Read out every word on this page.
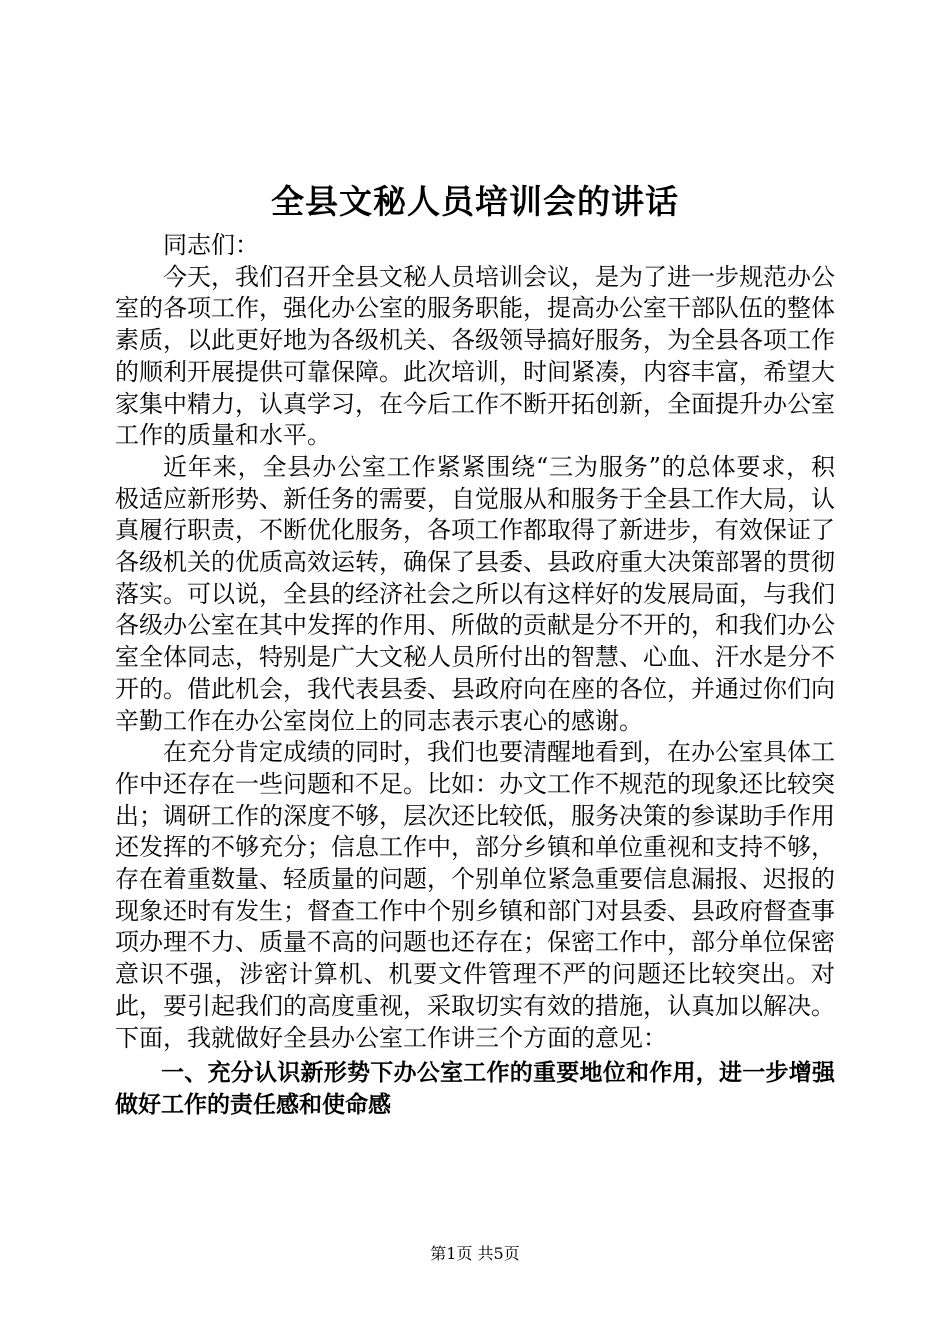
全县文秘人员培训会的讲话

同志们：

今天，我们召开全县文秘人员培训会议，是为了进一步规范办公室的各项工作，强化办公室的服务职能，提高办公室干部队伍的整体素质，以此更好地为各级机关、各级领导搞好服务，为全县各项工作的顺利开展提供可靠保障。此次培训，时间紧凑，内容丰富，希望大家集中精力，认真学习，在今后工作不断开拓创新，全面提升办公室工作的质量和水平。

近年来，全县办公室工作紧紧围绕“三为服务”的总体要求，积极适应新形势、新任务的需要，自觉服从和服务于全县工作大局，认真履行职责，不断优化服务，各项工作都取得了新进步，有效保证了各级机关的优质高效运转，确保了县委、县政府重大决策部署的贯彻落实。可以说，全县的经济社会之所以有这样好的发展局面，与我们各级办公室在其中发挥的作用、所做的贡献是分不开的，和我们办公室全体同志，特别是广大文秘人员所付出的智慧、心血、汗水是分不开的。借此机会，我代表县委、县政府向在座的各位，并通过你们向辛勤工作在办公室岗位上的同志表示衷心的感谢。

在充分肯定成绩的同时，我们也要清醒地看到，在办公室具体工作中还存在一些问题和不足。比如：办文工作不规范的现象还比较突出；调研工作的深度不够，层次还比较低，服务决策的参谋助手作用还发挥的不够充分；信息工作中，部分乡镇和单位重视和支持不够，存在着重数量、轻质量的问题，个别单位紧急重要信息漏报、迟报的现象还时有发生；督查工作中个别乡镇和部门对县委、县政府督查事项办理不力、质量不高的问题也还存在；保密工作中，部分单位保密意识不强，涉密计算机、机要文件管理不严的问题还比较突出。对此，要引起我们的高度重视，采取切实有效的措施，认真加以解决。下面，我就做好全县办公室工作讲三个方面的意见：

一、充分认识新形势下办公室工作的重要地位和作用，进一步增强做好工作的责任感和使命感

第1页 共5页
